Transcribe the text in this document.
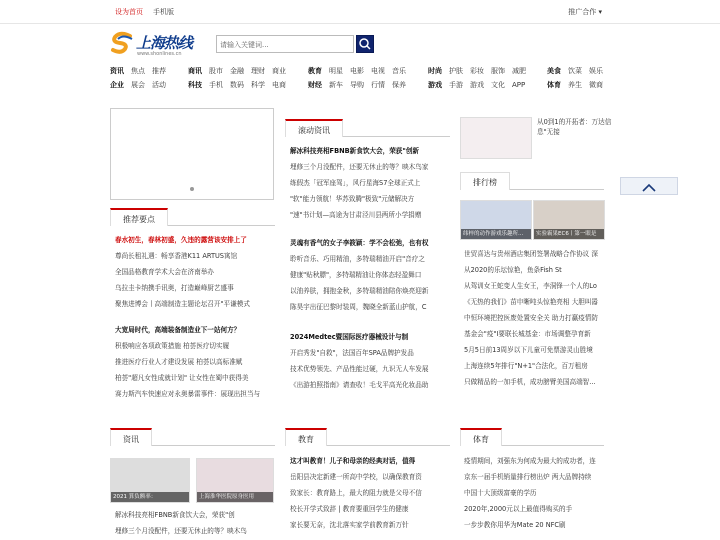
设为首页 手机版	推广合作 ▾
上海热线
www.shonlines.cn
请输入关键词...
资讯 焦点 推荐
企业 展会 活动
商讯 股市 金融 理财 商业
科技 手机 数码 科学 电商
教育 明星 电影 电视 音乐
财经 新车 导购 行情 保养
时尚 护肤 彩妆 服饰 减肥
游戏 手游 游戏 文化 APP
美食 饮菜 娱乐
体育 养生 微商
滚动资讯
解冰科技亮相FBNB新食饮大会，荣获"创新
埋修三个月没配件，还要无休止的等？映木鸟家
练假杰「冠军座驾」，风行星海S7全球正式上
"软"能力领航！华苏致腾"极致"元储解决方
"速"书计划—高途为甘肃泾川县两所小学捐赠
灵魂有香气的女子李筱颖：学不会松弛，也有权
聆听音乐、巧用精油，多特瑞精油开启"音疗之
健康"贴秋膘"，多特瑞精油让你体态轻盈舞口
以油养肤，拥抱金秋，多特瑞精油陪你焕亮迎新
陈昊宇出征巴黎时装周，魏晓全新蓝山护航，C
2024Medtec暨国际医疗器械设计与制
开启秀发"自救"，法国百年SPA品牌护发品
技术优势领先、产品性能过硬，九识无人车发展
《出游拍照指南》请查收！毛戈平高光化妆品助
推荐要点
春水初生，春林初盛，久违的露营该安排上了
尊尚长租礼遇：畅享香港K11 ARTUS寓馆
全国品格教育学术大会在济南举办
乌拉圭卡纳携手讯奥，打造巅峰厨艺盛事
聚焦进博会丨高端制造主题论坛召开"平谦模式
大宽局时代，高端装备制造业下一站何方？
积极响应各项政策措施 柏荟医疗切实履
推进医疗行业人才建设发展 柏荟以高标准赋
柏荟"超凡女性成就计划" 让女性在蜀中获得美
赛力斯汽车快速应对永奥暴雷事件：展现出担当与
从0到1的开拓者：万达信息"无接
排行榜
纬梓的动作游戏乐趣所...	实验霸果EC6丨第一眼是
世贸喜达与贵州酒店集团签署战略合作协议 深
从2020的乐坛惊艳，鱼条Fish St
从驾训女王蛇变人生女王，李洞锋一个人的Lo
《无热的我们》苗申晰吨头惊艳亮相 大胆叫嚣
中恒环境把控医废处置安全关 助力打赢疫情防
基金会"疫"I要联长城基金：市场调整孕育新
5月5日前13周岁以下儿童可免票游灵山胜境
上海连续5年排行"N+1"合法化，百万租房
只做精品的一加手机，成功膀臂美国高端智...
资讯
2021 算负额率：	上海淮华医院原身医用
解冰科技亮相FBNB新食饮大会，荣获"创
埋修三个月没配件，还要无休止的等？映木鸟
教育
这才叫教育！儿子和母亲的经典对话，值得
岳阳县决定新建一所高中学校，以确保教育资
致家长：教育路上，最大的阻力就是父母不信
校长开学式致辞 | 教育要重回学生的健康
家长要无奈，沈北落实家学前教育新万针
体育
疫情期间，刘强东为何成为最大的成功者，连
京东一届手机销量排行榜出炉 两大品牌持续
中国十大顶级富豪的学历
2020年,2000元以上最值得购买的手
一步步教你用华为Mate 20 NFC刷
